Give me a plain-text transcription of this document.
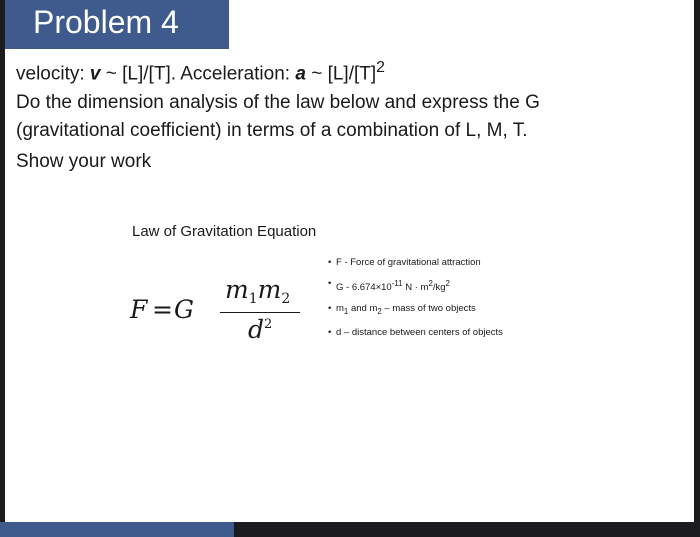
Problem 4
velocity: v ~ [L]/[T]. Acceleration: a ~ $[L]/[T]^2$
Do the dimension analysis of the law below and express the G
(gravitational coefficient) in terms of a combination of L, M, T.
Show your work
Law of Gravitation Equation
F = G
$m_1m_2$
$d^2$
• F - Force of gravitational attraction
• $G - 6.674\times 10^{-11}$ $N \cdot m^2/kg^2$
• $m_1$ and $m_2$ – mass of two objects
• d – distance between centers of objects
